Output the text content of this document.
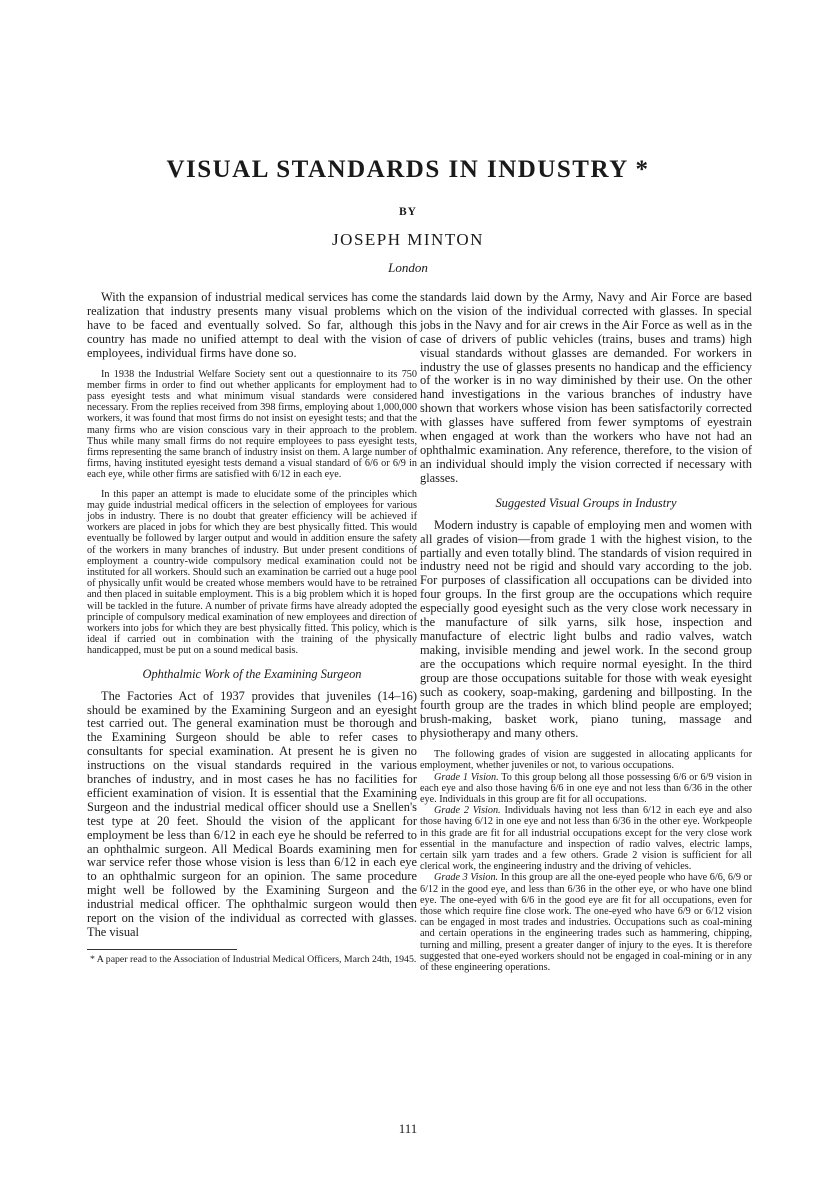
VISUAL STANDARDS IN INDUSTRY *
BY
JOSEPH MINTON
London

With the expansion of industrial medical services has come the realization that industry presents many visual problems which have to be faced and eventually solved. So far, although this country has made no unified attempt to deal with the vision of employees, individual firms have done so.

In 1938 the Industrial Welfare Society sent out a questionnaire to its 750 member firms in order to find out whether applicants for employment had to pass eyesight tests and what minimum visual standards were considered necessary. From the replies received from 398 firms, employing about 1,000,000 workers, it was found that most firms do not insist on eyesight tests; and that the many firms who are vision conscious vary in their approach to the problem. Thus while many small firms do not require employees to pass eyesight tests, firms representing the same branch of industry insist on them. A large number of firms, having instituted eyesight tests demand a visual standard of 6/6 or 6/9 in each eye, while other firms are satisfied with 6/12 in each eye.

In this paper an attempt is made to elucidate some of the principles which may guide industrial medical officers in the selection of employees for various jobs in industry. There is no doubt that greater efficiency will be achieved if workers are placed in jobs for which they are best physically fitted. This would eventually be followed by larger output and would in addition ensure the safety of the workers in many branches of industry. But under present conditions of employment a country-wide compulsory medical examination could not be instituted for all workers. Should such an examination be carried out a huge pool of physically unfit would be created whose members would have to be retrained and then placed in suitable employment. This is a big problem which it is hoped will be tackled in the future. A number of private firms have already adopted the principle of compulsory medical examination of new employees and direction of workers into jobs for which they are best physically fitted. This policy, which is ideal if carried out in combination with the training of the physically handicapped, must be put on a sound medical basis.

Ophthalmic Work of the Examining Surgeon

The Factories Act of 1937 provides that juveniles (14–16) should be examined by the Examining Surgeon and an eyesight test carried out. The general examination must be thorough and the Examining Surgeon should be able to refer cases to consultants for special examination. At present he is given no instructions on the visual standards required in the various branches of industry, and in most cases he has no facilities for efficient examination of vision. It is essential that the Examining Surgeon and the industrial medical officer should use a Snellen's test type at 20 feet. Should the vision of the applicant for employment be less than 6/12 in each eye he should be referred to an ophthalmic surgeon. All Medical Boards examining men for war service refer those whose vision is less than 6/12 in each eye to an ophthalmic surgeon for an opinion. The same procedure might well be followed by the Examining Surgeon and the industrial medical officer. The ophthalmic surgeon would then report on the vision of the individual as corrected with glasses. The visual

* A paper read to the Association of Industrial Medical Officers, March 24th, 1945.

standards laid down by the Army, Navy and Air Force are based on the vision of the individual corrected with glasses. In special jobs in the Navy and for air crews in the Air Force as well as in the case of drivers of public vehicles (trains, buses and trams) high visual standards without glasses are demanded. For workers in industry the use of glasses presents no handicap and the efficiency of the worker is in no way diminished by their use. On the other hand investigations in the various branches of industry have shown that workers whose vision has been satisfactorily corrected with glasses have suffered from fewer symptoms of eyestrain when engaged at work than the workers who have not had an ophthalmic examination. Any reference, therefore, to the vision of an individual should imply the vision corrected if necessary with glasses.

Suggested Visual Groups in Industry

Modern industry is capable of employing men and women with all grades of vision—from grade 1 with the highest vision, to the partially and even totally blind. The standards of vision required in industry need not be rigid and should vary according to the job. For purposes of classification all occupations can be divided into four groups. In the first group are the occupations which require especially good eyesight such as the very close work necessary in the manufacture of silk yarns, silk hose, inspection and manufacture of electric light bulbs and radio valves, watch making, invisible mending and jewel work. In the second group are the occupations which require normal eyesight. In the third group are those occupations suitable for those with weak eyesight such as cookery, soap-making, gardening and billposting. In the fourth group are the trades in which blind people are employed; brush-making, basket work, piano tuning, massage and physiotherapy and many others.

The following grades of vision are suggested in allocating applicants for employment, whether juveniles or not, to various occupations.

Grade 1 Vision. To this group belong all those possessing 6/6 or 6/9 vision in each eye and also those having 6/6 in one eye and not less than 6/36 in the other eye. Individuals in this group are fit for all occupations.

Grade 2 Vision. Individuals having not less than 6/12 in each eye and also those having 6/12 in one eye and not less than 6/36 in the other eye. Workpeople in this grade are fit for all industrial occupations except for the very close work essential in the manufacture and inspection of radio valves, electric lamps, certain silk yarn trades and a few others. Grade 2 vision is sufficient for all clerical work, the engineering industry and the driving of vehicles.

Grade 3 Vision. In this group are all the one-eyed people who have 6/6, 6/9 or 6/12 in the good eye, and less than 6/36 in the other eye, or who have one blind eye. The one-eyed with 6/6 in the good eye are fit for all occupations, even for those which require fine close work. The one-eyed who have 6/9 or 6/12 vision can be engaged in most trades and industries. Occupations such as coal-mining and certain operations in the engineering trades such as hammering, chipping, turning and milling, present a greater danger of injury to the eyes. It is therefore suggested that one-eyed workers should not be engaged in coal-mining or in any of these engineering operations.

111
